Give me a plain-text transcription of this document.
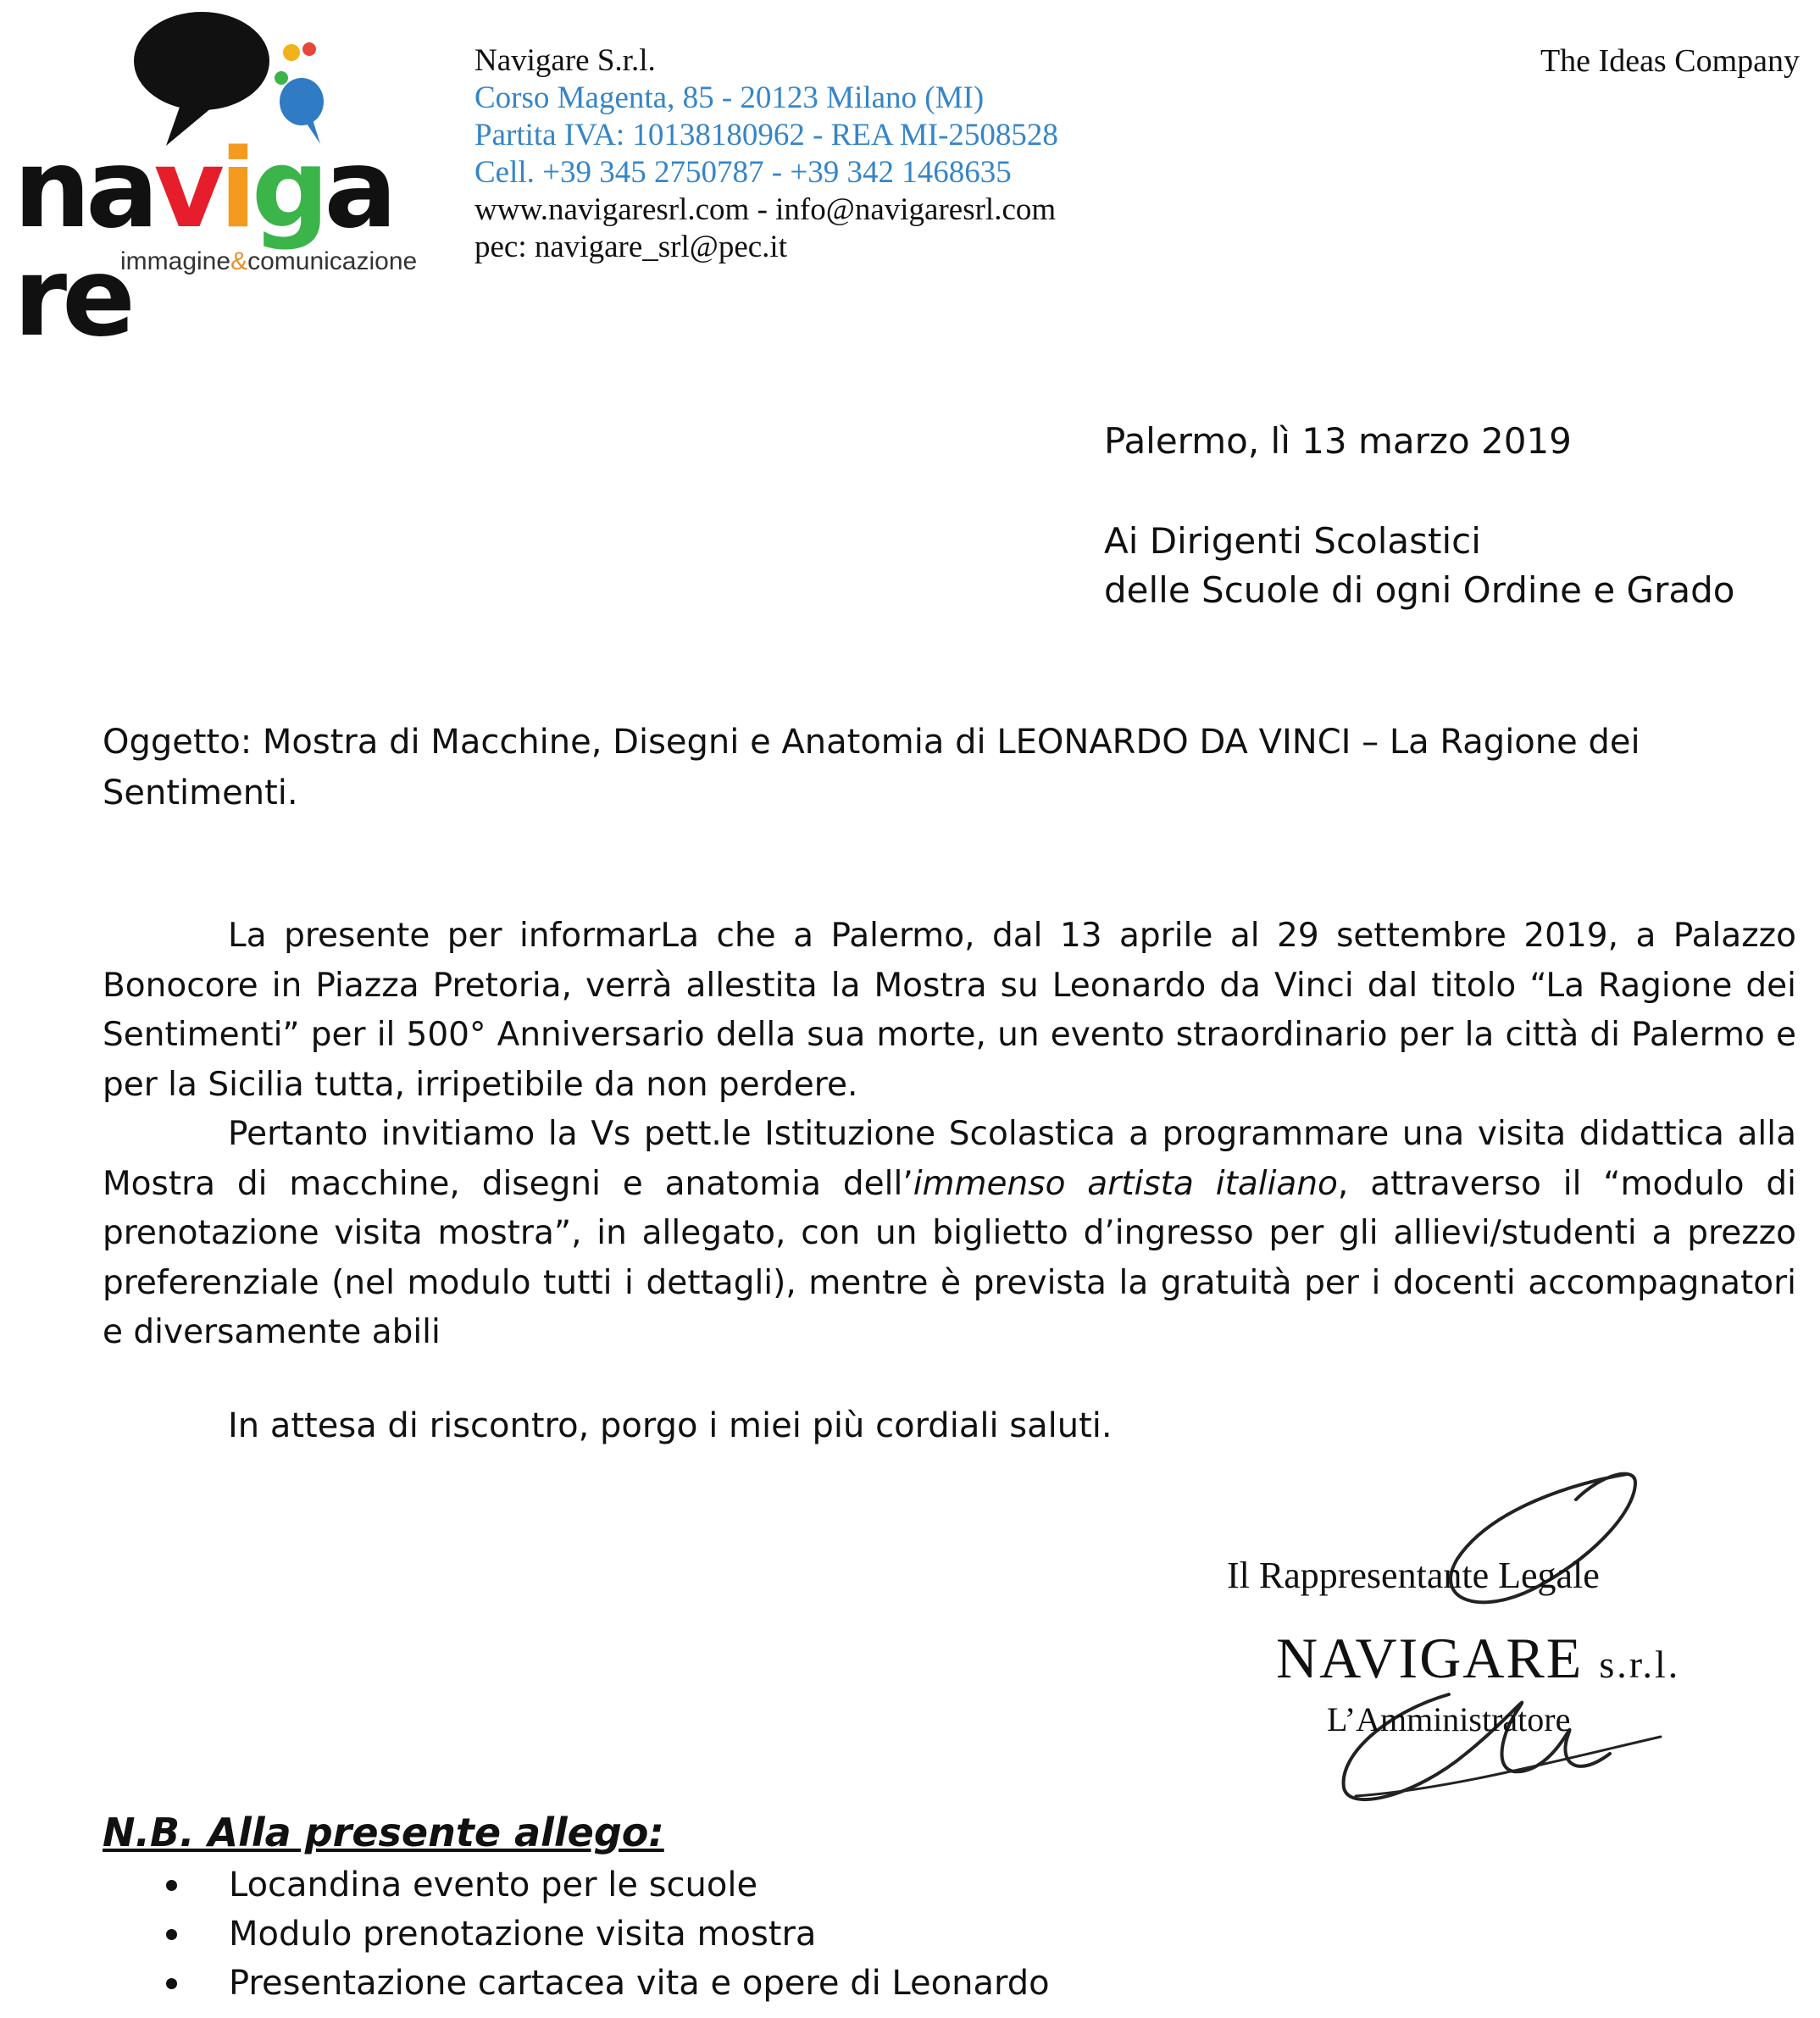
navigare
immagine&comunicazione
Navigare S.r.l.
Corso Magenta, 85 - 20123 Milano (MI)
Partita IVA: 10138180962 - REA MI-2508528
Cell. +39 345 2750787 - +39 342 1468635
www.navigaresrl.com - info@navigaresrl.com
pec: navigare_srl@pec.it
The Ideas Company
Palermo, lì 13 marzo 2019
Ai Dirigenti Scolastici
delle Scuole di ogni Ordine e Grado
Oggetto: Mostra di Macchine, Disegni e Anatomia di LEONARDO DA VINCI – La Ragione dei Sentimenti.
La presente per informarLa che a Palermo, dal 13 aprile al 29 settembre 2019, a Palazzo Bonocore in Piazza Pretoria, verrà allestita la Mostra su Leonardo da Vinci dal titolo “La Ragione dei Sentimenti” per il 500° Anniversario della sua morte, un evento straordinario per la città di Palermo e per la Sicilia tutta, irripetibile da non perdere.
Pertanto invitiamo la Vs pett.le Istituzione Scolastica a programmare una visita didattica alla Mostra di macchine, disegni e anatomia dell’immenso artista italiano, attraverso il “modulo di prenotazione visita mostra”, in allegato, con un biglietto d’ingresso per gli allievi/studenti a prezzo preferenziale (nel modulo tutti i dettagli), mentre è prevista la gratuità per i docenti accompagnatori e diversamente abili
In attesa di riscontro, porgo i miei più cordiali saluti.
Il Rappresentante Legale
NAVIGARE s.r.l.
L’Amministratore
N.B. Alla presente allego:
Locandina evento per le scuole
Modulo prenotazione visita mostra
Presentazione cartacea vita e opere di Leonardo
